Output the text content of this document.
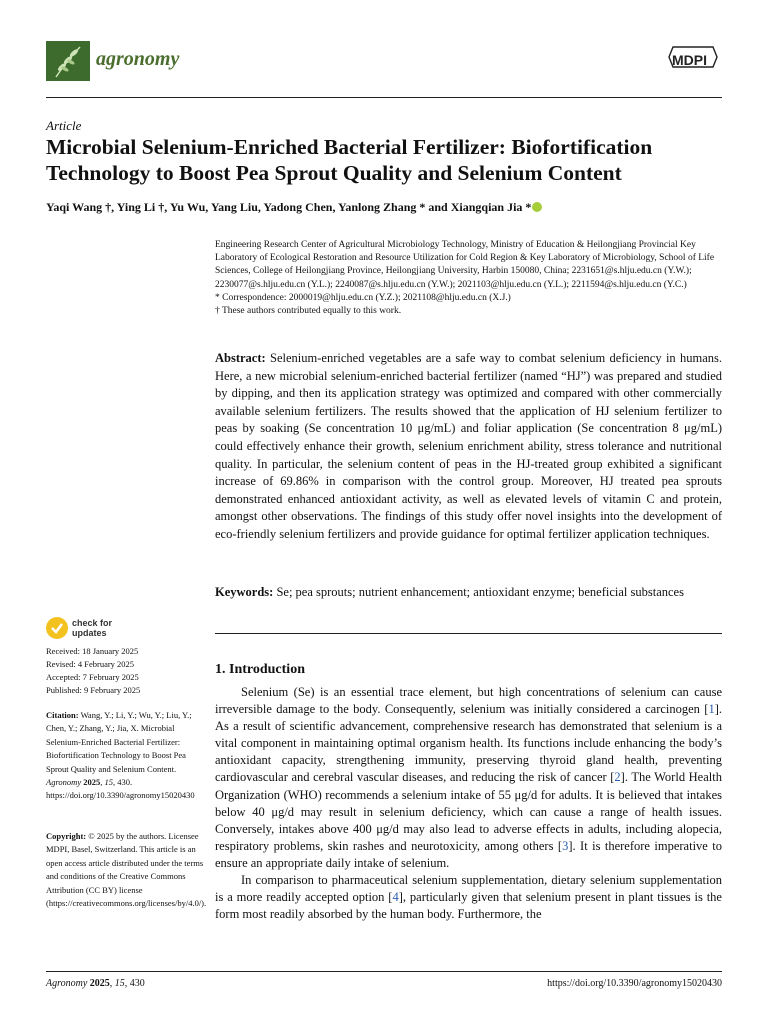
agronomy	MDPI
Article
Microbial Selenium-Enriched Bacterial Fertilizer: Biofortification Technology to Boost Pea Sprout Quality and Selenium Content
Yaqi Wang †, Ying Li †, Yu Wu, Yang Liu, Yadong Chen, Yanlong Zhang * and Xiangqian Jia *

Engineering Research Center of Agricultural Microbiology Technology, Ministry of Education & Heilongjiang Provincial Key Laboratory of Ecological Restoration and Resource Utilization for Cold Region & Key Laboratory of Microbiology, School of Life Sciences, College of Heilongjiang Province, Heilongjiang University, Harbin 150080, China; 2231651@s.hlju.edu.cn (Y.W.); 2230077@s.hlju.edu.cn (Y.L.); 2240087@s.hlju.edu.cn (Y.W.); 2021103@hlju.edu.cn (Y.L.); 2211594@s.hlju.edu.cn (Y.C.)

* Correspondence: 2000019@hlju.edu.cn (Y.Z.); 2021108@hlju.edu.cn (X.J.)

† These authors contributed equally to this work.

Abstract: Selenium-enriched vegetables are a safe way to combat selenium deficiency in humans. Here, a new microbial selenium-enriched bacterial fertilizer (named “HJ”) was prepared and studied by dipping, and then its application strategy was optimized and compared with other commercially available selenium fertilizers. The results showed that the application of HJ selenium fertilizer to peas by soaking (Se concentration 10 μg/mL) and foliar application (Se concentration 8 μg/mL) could effectively enhance their growth, selenium enrichment ability, stress tolerance and nutritional quality. In particular, the selenium content of peas in the HJ-treated group exhibited a significant increase of 69.86% in comparison with the control group. Moreover, HJ treated pea sprouts demonstrated enhanced antioxidant activity, as well as elevated levels of vitamin C and protein, amongst other observations. The findings of this study offer novel insights into the development of eco-friendly selenium fertilizers and provide guidance for optimal fertilizer application techniques.
Keywords: Se; pea sprouts; nutrient enhancement; antioxidant enzyme; beneficial substances
1. Introduction

Selenium (Se) is an essential trace element, but high concentrations of selenium can cause irreversible damage to the body. Consequently, selenium was initially considered a carcinogen [1]. As a result of scientific advancement, comprehensive research has demonstrated that selenium is a vital component in maintaining optimal organism health. Its functions include enhancing the body’s antioxidant capacity, strengthening immunity, preserving thyroid gland health, preventing cardiovascular and cerebral vascular diseases, and reducing the risk of cancer [2]. The World Health Organization (WHO) recommends a selenium intake of 55 μg/d for adults. It is believed that intakes below 40 μg/d may result in selenium deficiency, which can cause a range of health issues. Conversely, intakes above 400 μg/d may also lead to adverse effects in adults, including alopecia, respiratory problems, skin rashes and neurotoxicity, among others [3]. It is therefore imperative to ensure an appropriate daily intake of selenium.

In comparison to pharmaceutical selenium supplementation, dietary selenium supplementation is a more readily accepted option [4], particularly given that selenium present in plant tissues is the form most readily absorbed by the human body. Furthermore, the

check for
updates
Received: 18 January 2025
Revised: 4 February 2025
Accepted: 7 February 2025
Published: 9 February 2025
Citation: Wang, Y.; Li, Y.; Wu, Y.; Liu, Y.; Chen, Y.; Zhang, Y.; Jia, X. Microbial Selenium-Enriched Bacterial Fertilizer: Biofortification Technology to Boost Pea Sprout Quality and Selenium Content. Agronomy 2025, 15, 430. https://doi.org/10.3390/agronomy15020430
Copyright: © 2025 by the authors. Licensee MDPI, Basel, Switzerland. This article is an open access article distributed under the terms and conditions of the Creative Commons Attribution (CC BY) license (https://creativecommons.org/licenses/by/4.0/).
Agronomy 2025, 15, 430	https://doi.org/10.3390/agronomy15020430
